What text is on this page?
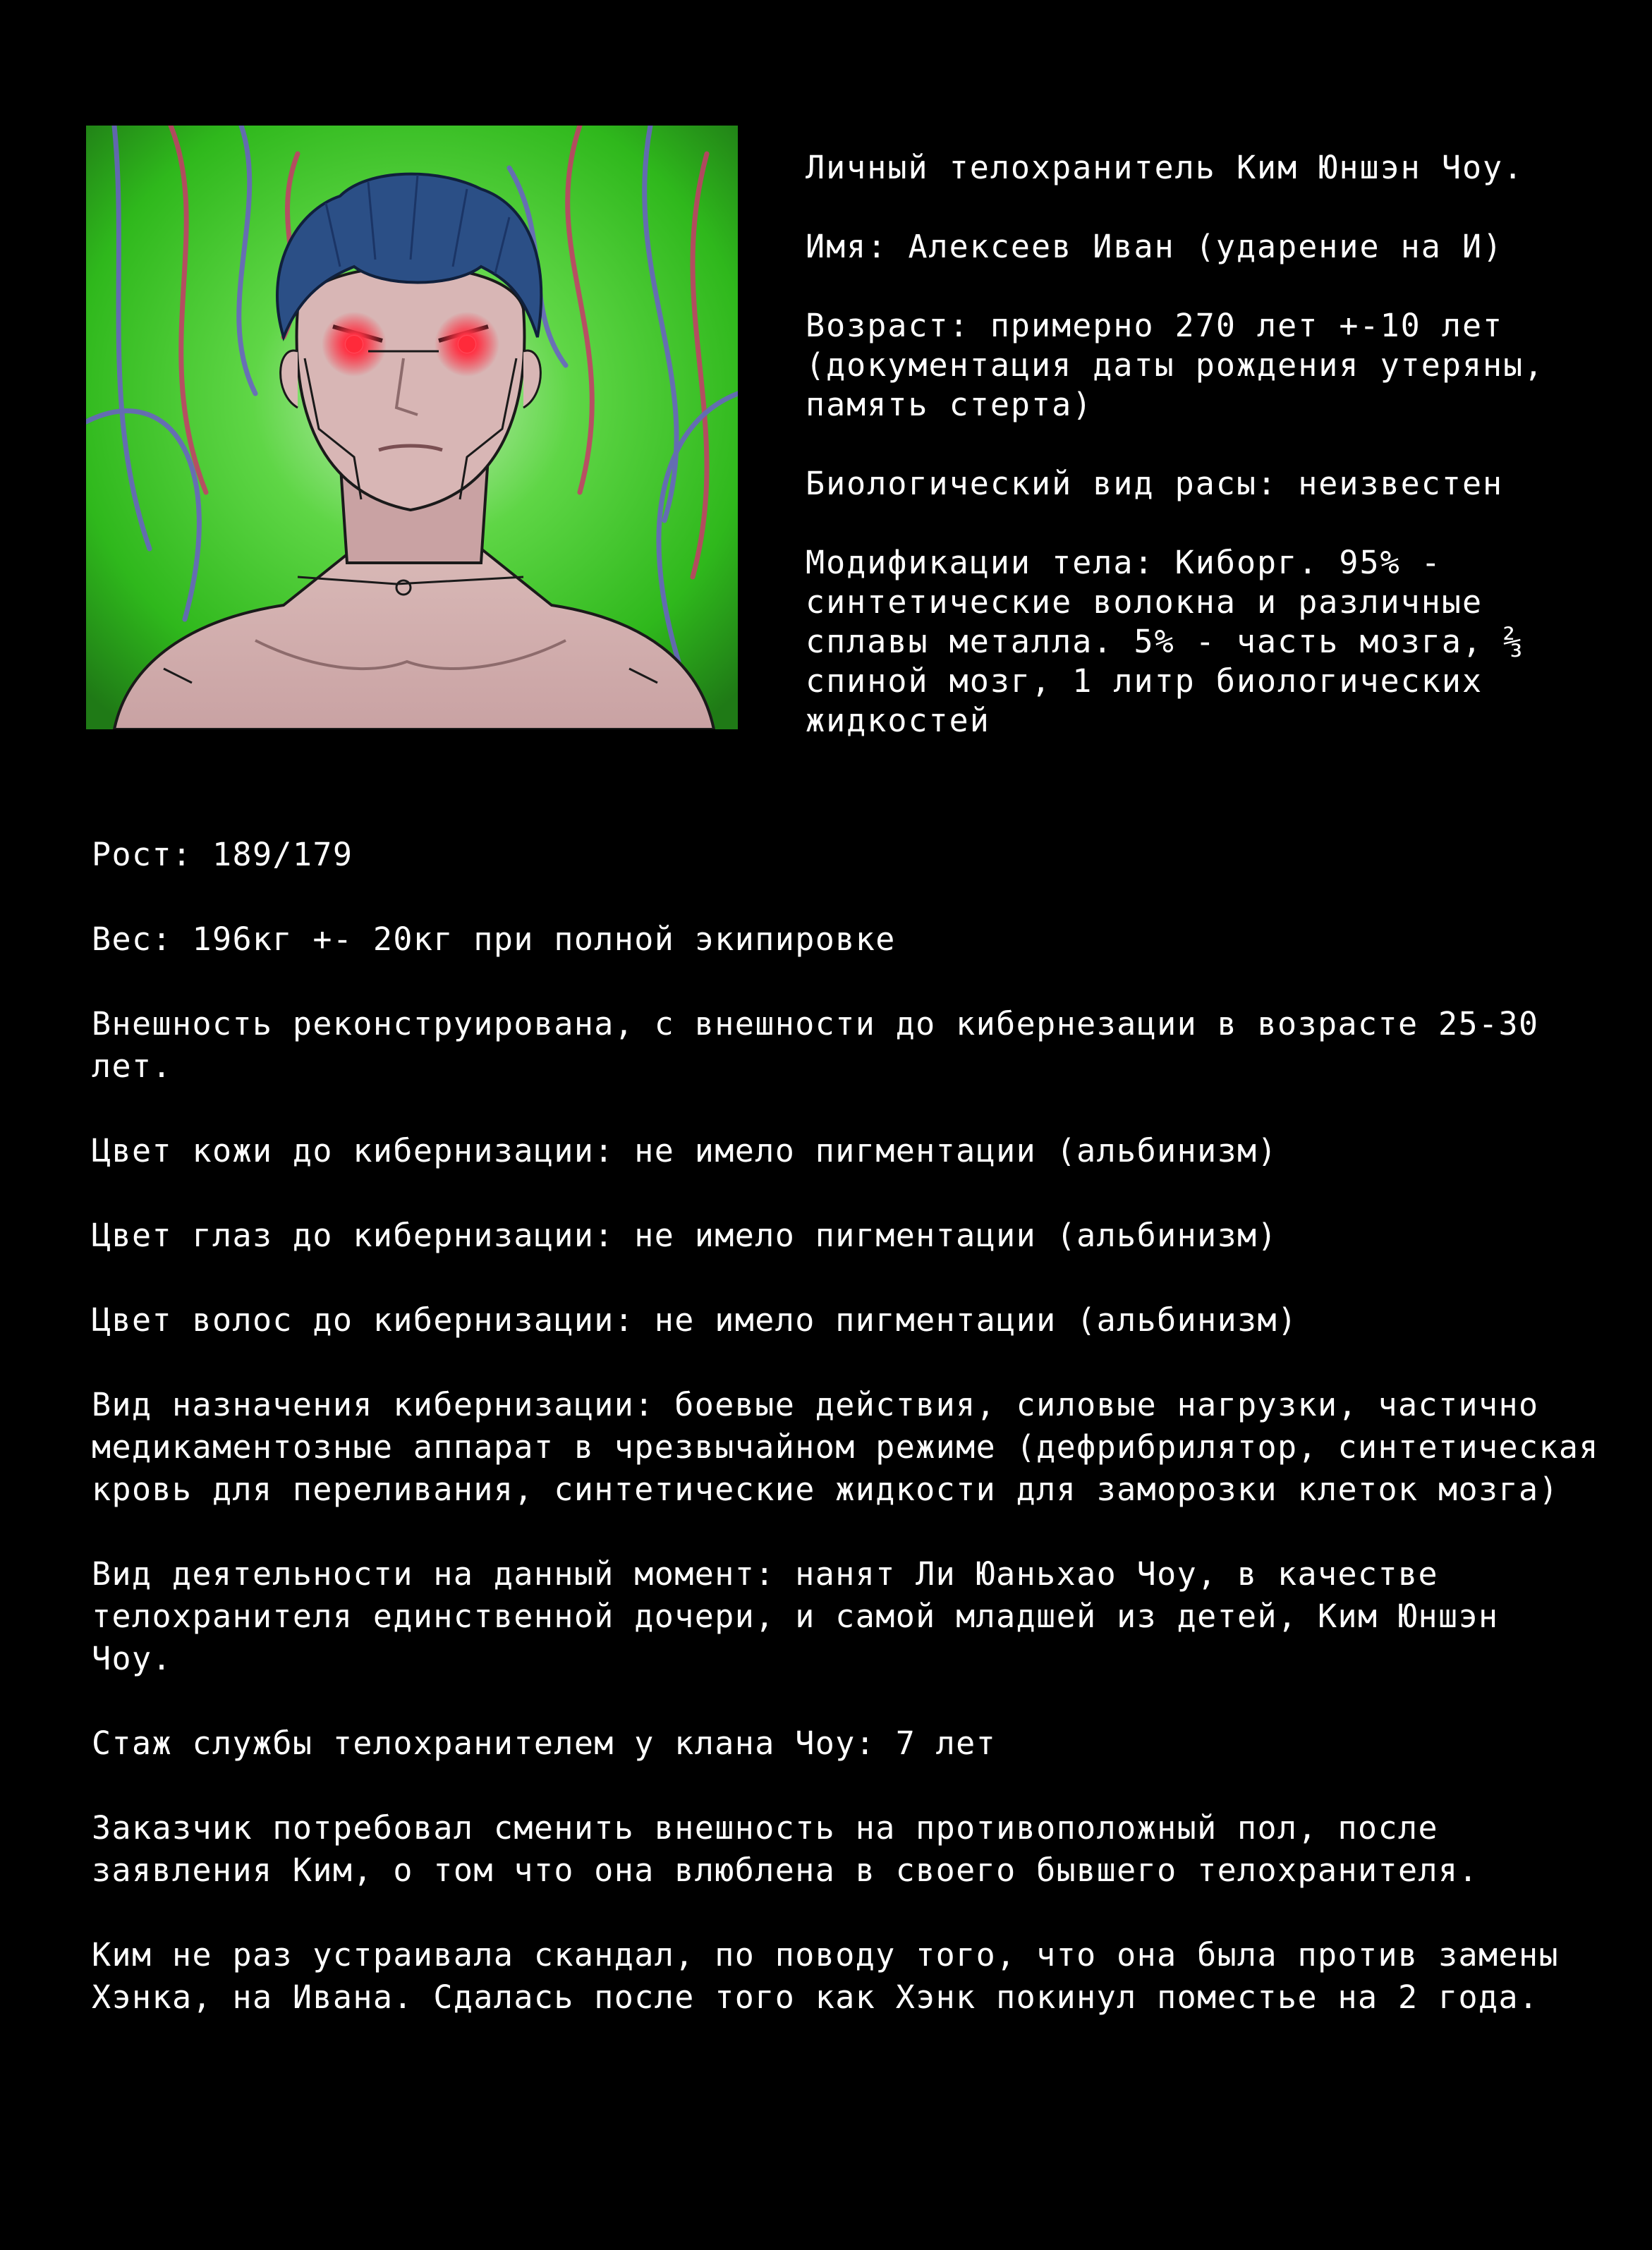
Личный телохранитель Ким Юншэн Чоу.

Имя: Алексеев Иван (ударение на И)

Возраст: примерно 270 лет +-10 лет
(документация даты рождения утеряны,
память стерта)

Биологический вид расы: неизвестен

Модификации тела: Киборг. 95% -
синтетические волокна и различные
сплавы металла. 5% - часть мозга, ⅔
спиной мозг, 1 литр биологических
жидкостей

Рост: 189/179

Вес: 196кг +- 20кг при полной экипировке

Внешность реконструирована, с внешности до кибернезации в возрасте 25-30
лет.

Цвет кожи до кибернизации: не имело пигментации (альбинизм)

Цвет глаз до кибернизации: не имело пигментации (альбинизм)

Цвет волос до кибернизации: не имело пигментации (альбинизм)

Вид назначения кибернизации: боевые действия, силовые нагрузки, частично
медикаментозные аппарат в чрезвычайном режиме (дефрибрилятор, синтетическая
кровь для переливания, синтетические жидкости для заморозки клеток мозга)

Вид деятельности на данный момент: нанят Ли Юаньхао Чоу, в качестве
телохранителя единственной дочери, и самой младшей из детей, Ким Юншэн
Чоу.

Стаж службы телохранителем у клана Чоу: 7 лет

Заказчик потребовал сменить внешность на противоположный пол, после
заявления Ким, о том что она влюблена в своего бывшего телохранителя.

Ким не раз устраивала скандал, по поводу того, что она была против замены
Хэнка, на Ивана. Сдалась после того как Хэнк покинул поместье на 2 года.
